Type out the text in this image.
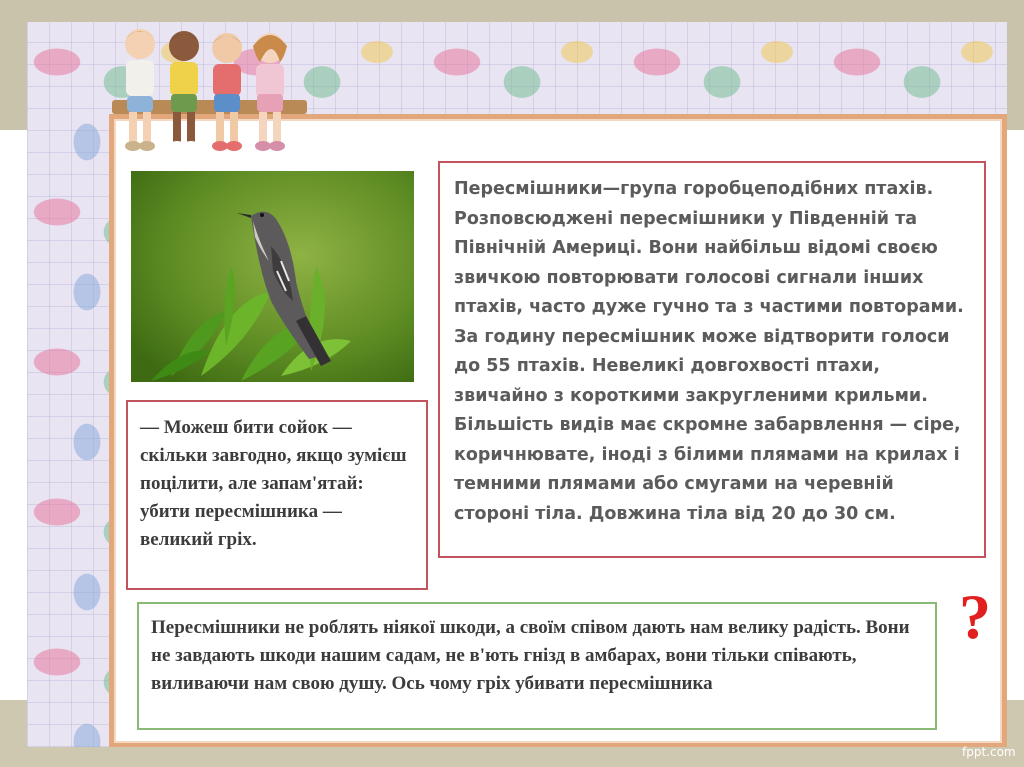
Пересмішники—група горобцеподібних птахів. Розповсюджені пересмішники у Південній та Північній Америці. Вони найбільш відомі своєю звичкою повторювати голосові сигнали інших птахів, часто дуже гучно та з частими повторами. За годину пересмішник може відтворити голоси до 55 птахів. Невеликі довгохвості птахи, звичайно з короткими закругленими крильми. Більшість видів має скромне забарвлення — сіре, коричнювате, іноді з білими плямами на крилах і темними плямами або смугами на черевній стороні тіла. Довжина тіла від 20 до 30 см.
— Можеш бити сойок — скільки завгодно, якщо зумієш поцілити, але запам'ятай: убити пересмішника — великий гріх.
Пересмішники не роблять ніякої шкоди, а своїм співом дають нам велику радість. Вони не завдають шкоди нашим садам, не в'ють гнізд в амбарах, вони тільки співають, виливаючи нам свою душу. Ось чому гріх убивати пересмішника
?
fppt.com
